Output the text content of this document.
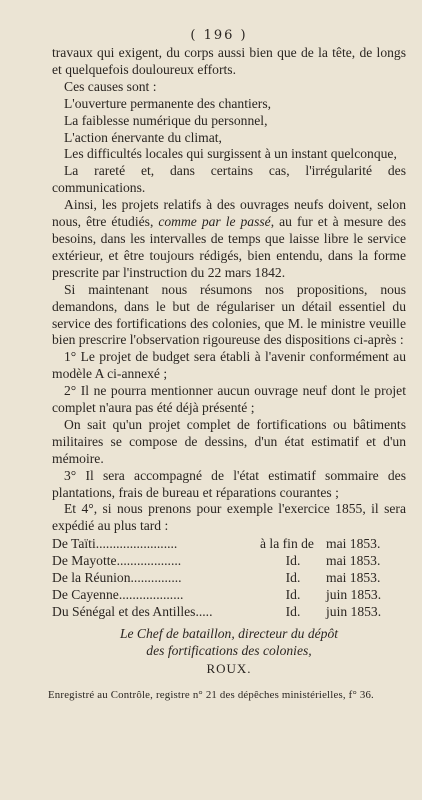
( 196 )

travaux qui exigent, du corps aussi bien que de la tête, de longs et quelquefois douloureux efforts.

Ces causes sont :

L'ouverture permanente des chantiers,

La faiblesse numérique du personnel,

L'action énervante du climat,

Les difficultés locales qui surgissent à un instant quelconque,

La rareté et, dans certains cas, l'irrégularité des communications.

Ainsi, les projets relatifs à des ouvrages neufs doivent, selon nous, être étudiés, comme par le passé, au fur et à mesure des besoins, dans les intervalles de temps que laisse libre le service extérieur, et être toujours rédigés, bien entendu, dans la forme prescrite par l'instruction du 22 mars 1842.

Si maintenant nous résumons nos propositions, nous demandons, dans le but de régulariser un détail essentiel du service des fortifications des colonies, que M. le ministre veuille bien prescrire l'observation rigoureuse des dispositions ci-après :

1° Le projet de budget sera établi à l'avenir conformément au modèle A ci-annexé ;

2° Il ne pourra mentionner aucun ouvrage neuf dont le projet complet n'aura pas été déjà présenté ;

On sait qu'un projet complet de fortifications ou bâtiments militaires se compose de dessins, d'un état estimatif et d'un mémoire.

3° Il sera accompagné de l'état estimatif sommaire des plantations, frais de bureau et réparations courantes ;

Et 4°, si nous prenons pour exemple l'exercice 1855, il sera expédié au plus tard :

De Taïti........................	à la fin de	mai 1853.
De Mayotte...................	Id.	mai 1853.
De la Réunion...............	Id.	mai 1853.
De Cayenne...................	Id.	juin 1853.
Du Sénégal et des Antilles.....	Id.	juin 1853.
Le Chef de bataillon, directeur du dépôt
des fortifications des colonies,
ROUX.
Enregistré au Contrôle, registre n° 21 des dépêches ministérielles, f° 36.
